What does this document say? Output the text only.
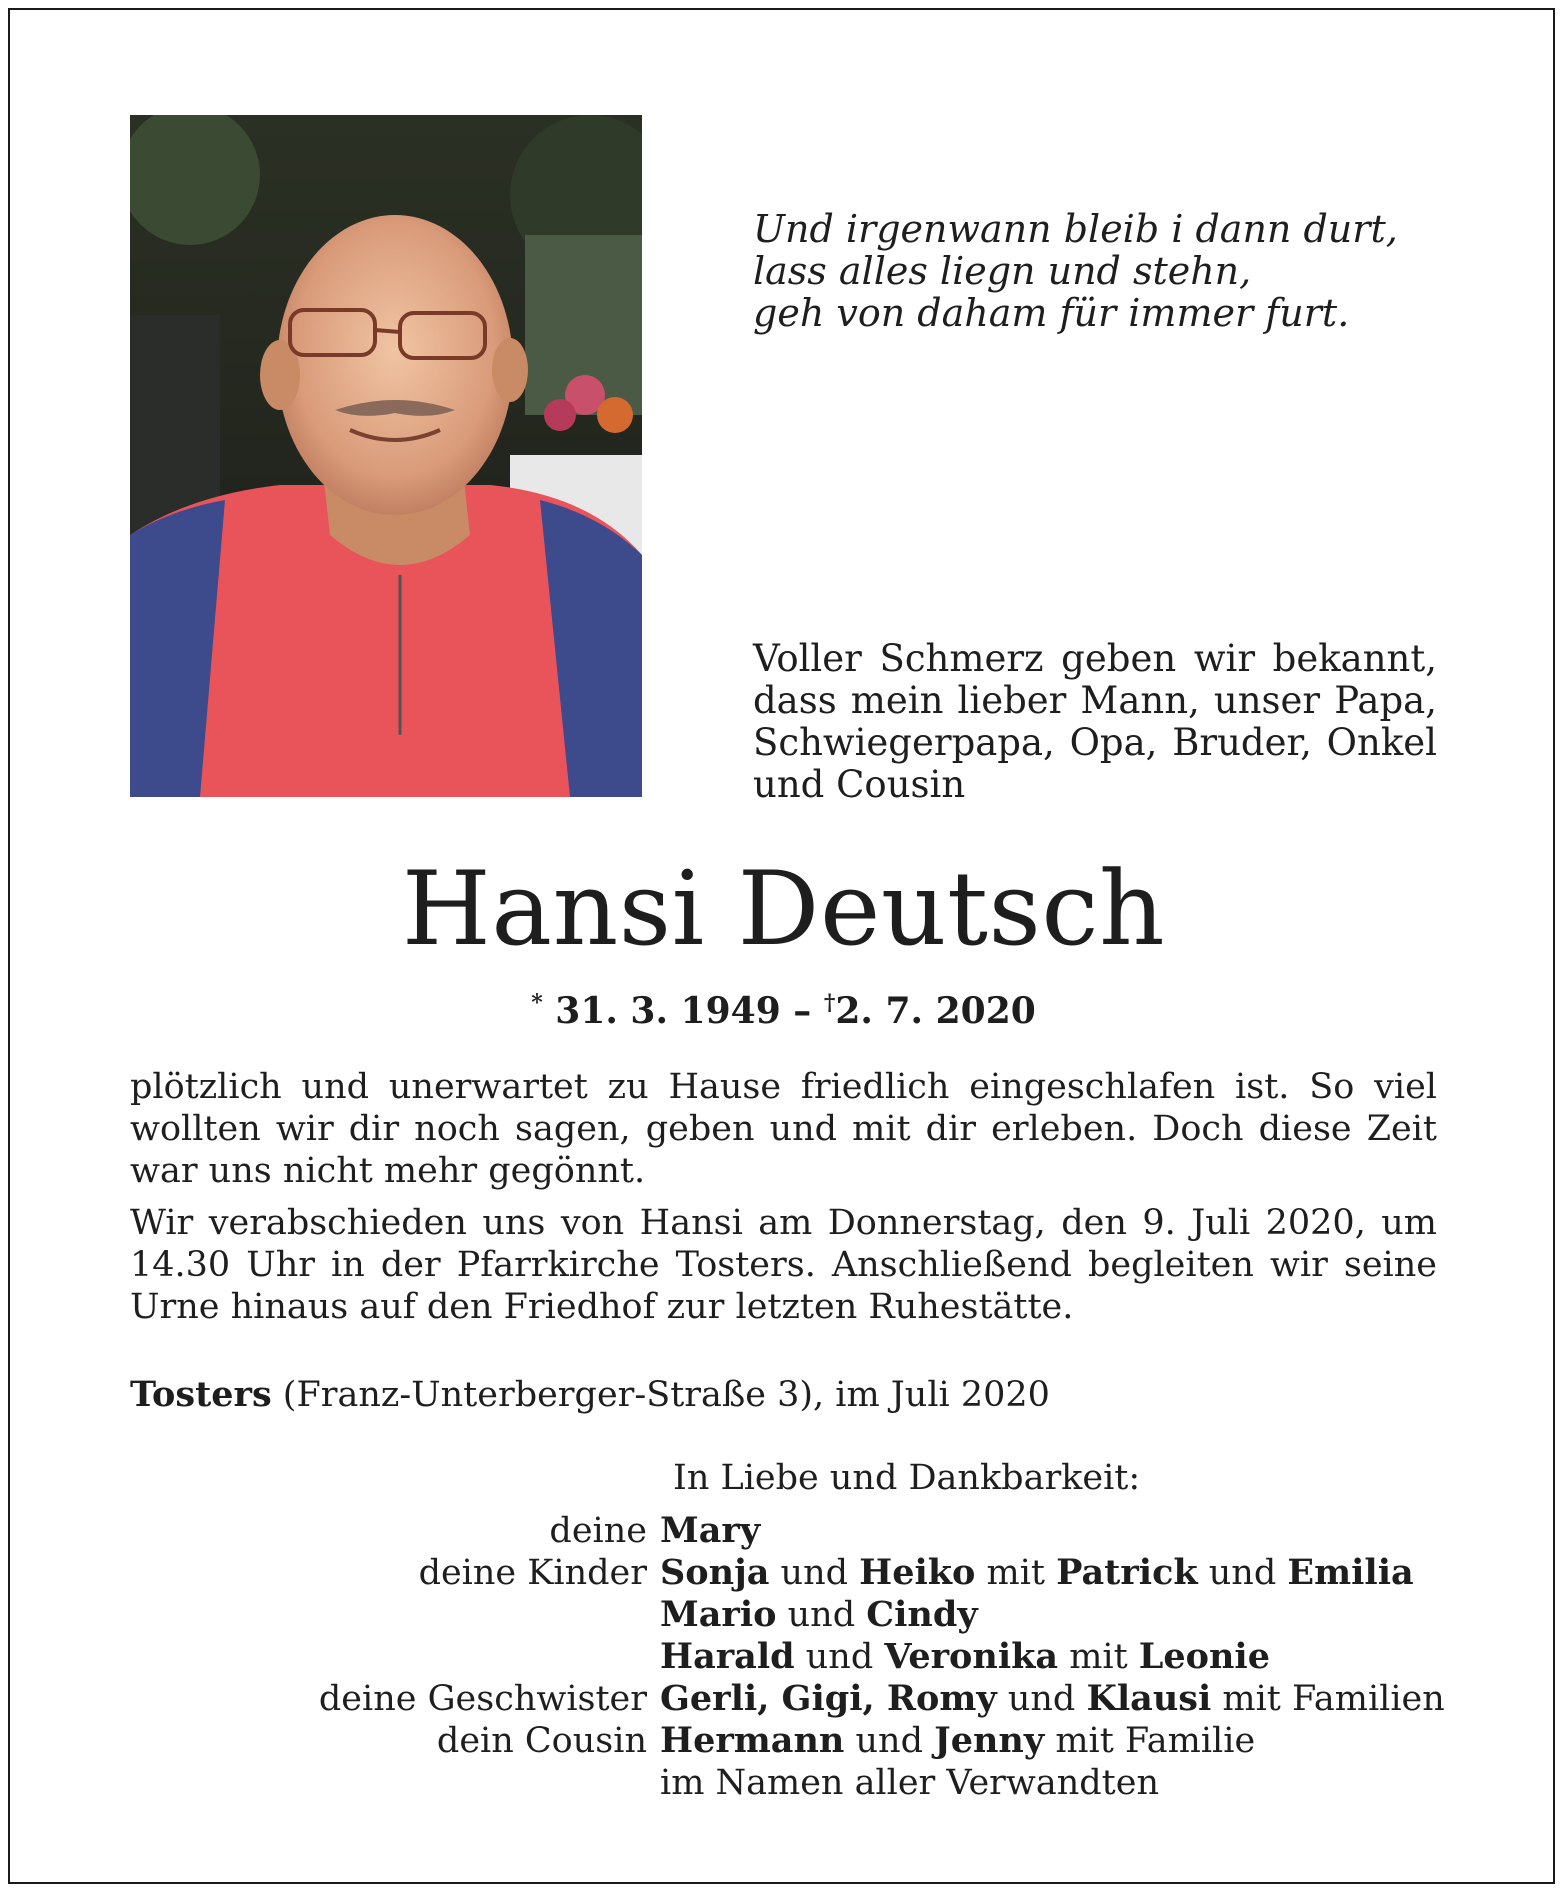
Und irgenwann bleib i dann durt,
lass alles liegn und stehn,
geh von daham für immer furt.
Voller Schmerz geben wir bekannt, dass mein lieber Mann, unser Papa, Schwiegerpapa, Opa, Bruder, Onkel und Cousin
Hansi Deutsch
* 31. 3. 1949 – †2. 7. 2020

plötzlich und unerwartet zu Hause friedlich eingeschlafen ist. So viel wollten wir dir noch sagen, geben und mit dir erleben. Doch diese Zeit war uns nicht mehr gegönnt.

Wir verabschieden uns von Hansi am Donnerstag, den 9. Juli 2020, um 14.30 Uhr in der Pfarrkirche Tosters. Anschließend begleiten wir seine Urne hinaus auf den Friedhof zur letzten Ruhestätte.

Tosters (Franz-Unterberger-Straße 3), im Juli 2020
In Liebe und Dankbarkeit:
deine Mary
deine Kinder Sonja und Heiko mit Patrick und Emilia
Mario und Cindy
Harald und Veronika mit Leonie
deine Geschwister Gerli, Gigi, Romy und Klausi mit Familien
dein Cousin Hermann und Jenny mit Familie
im Namen aller Verwandten
